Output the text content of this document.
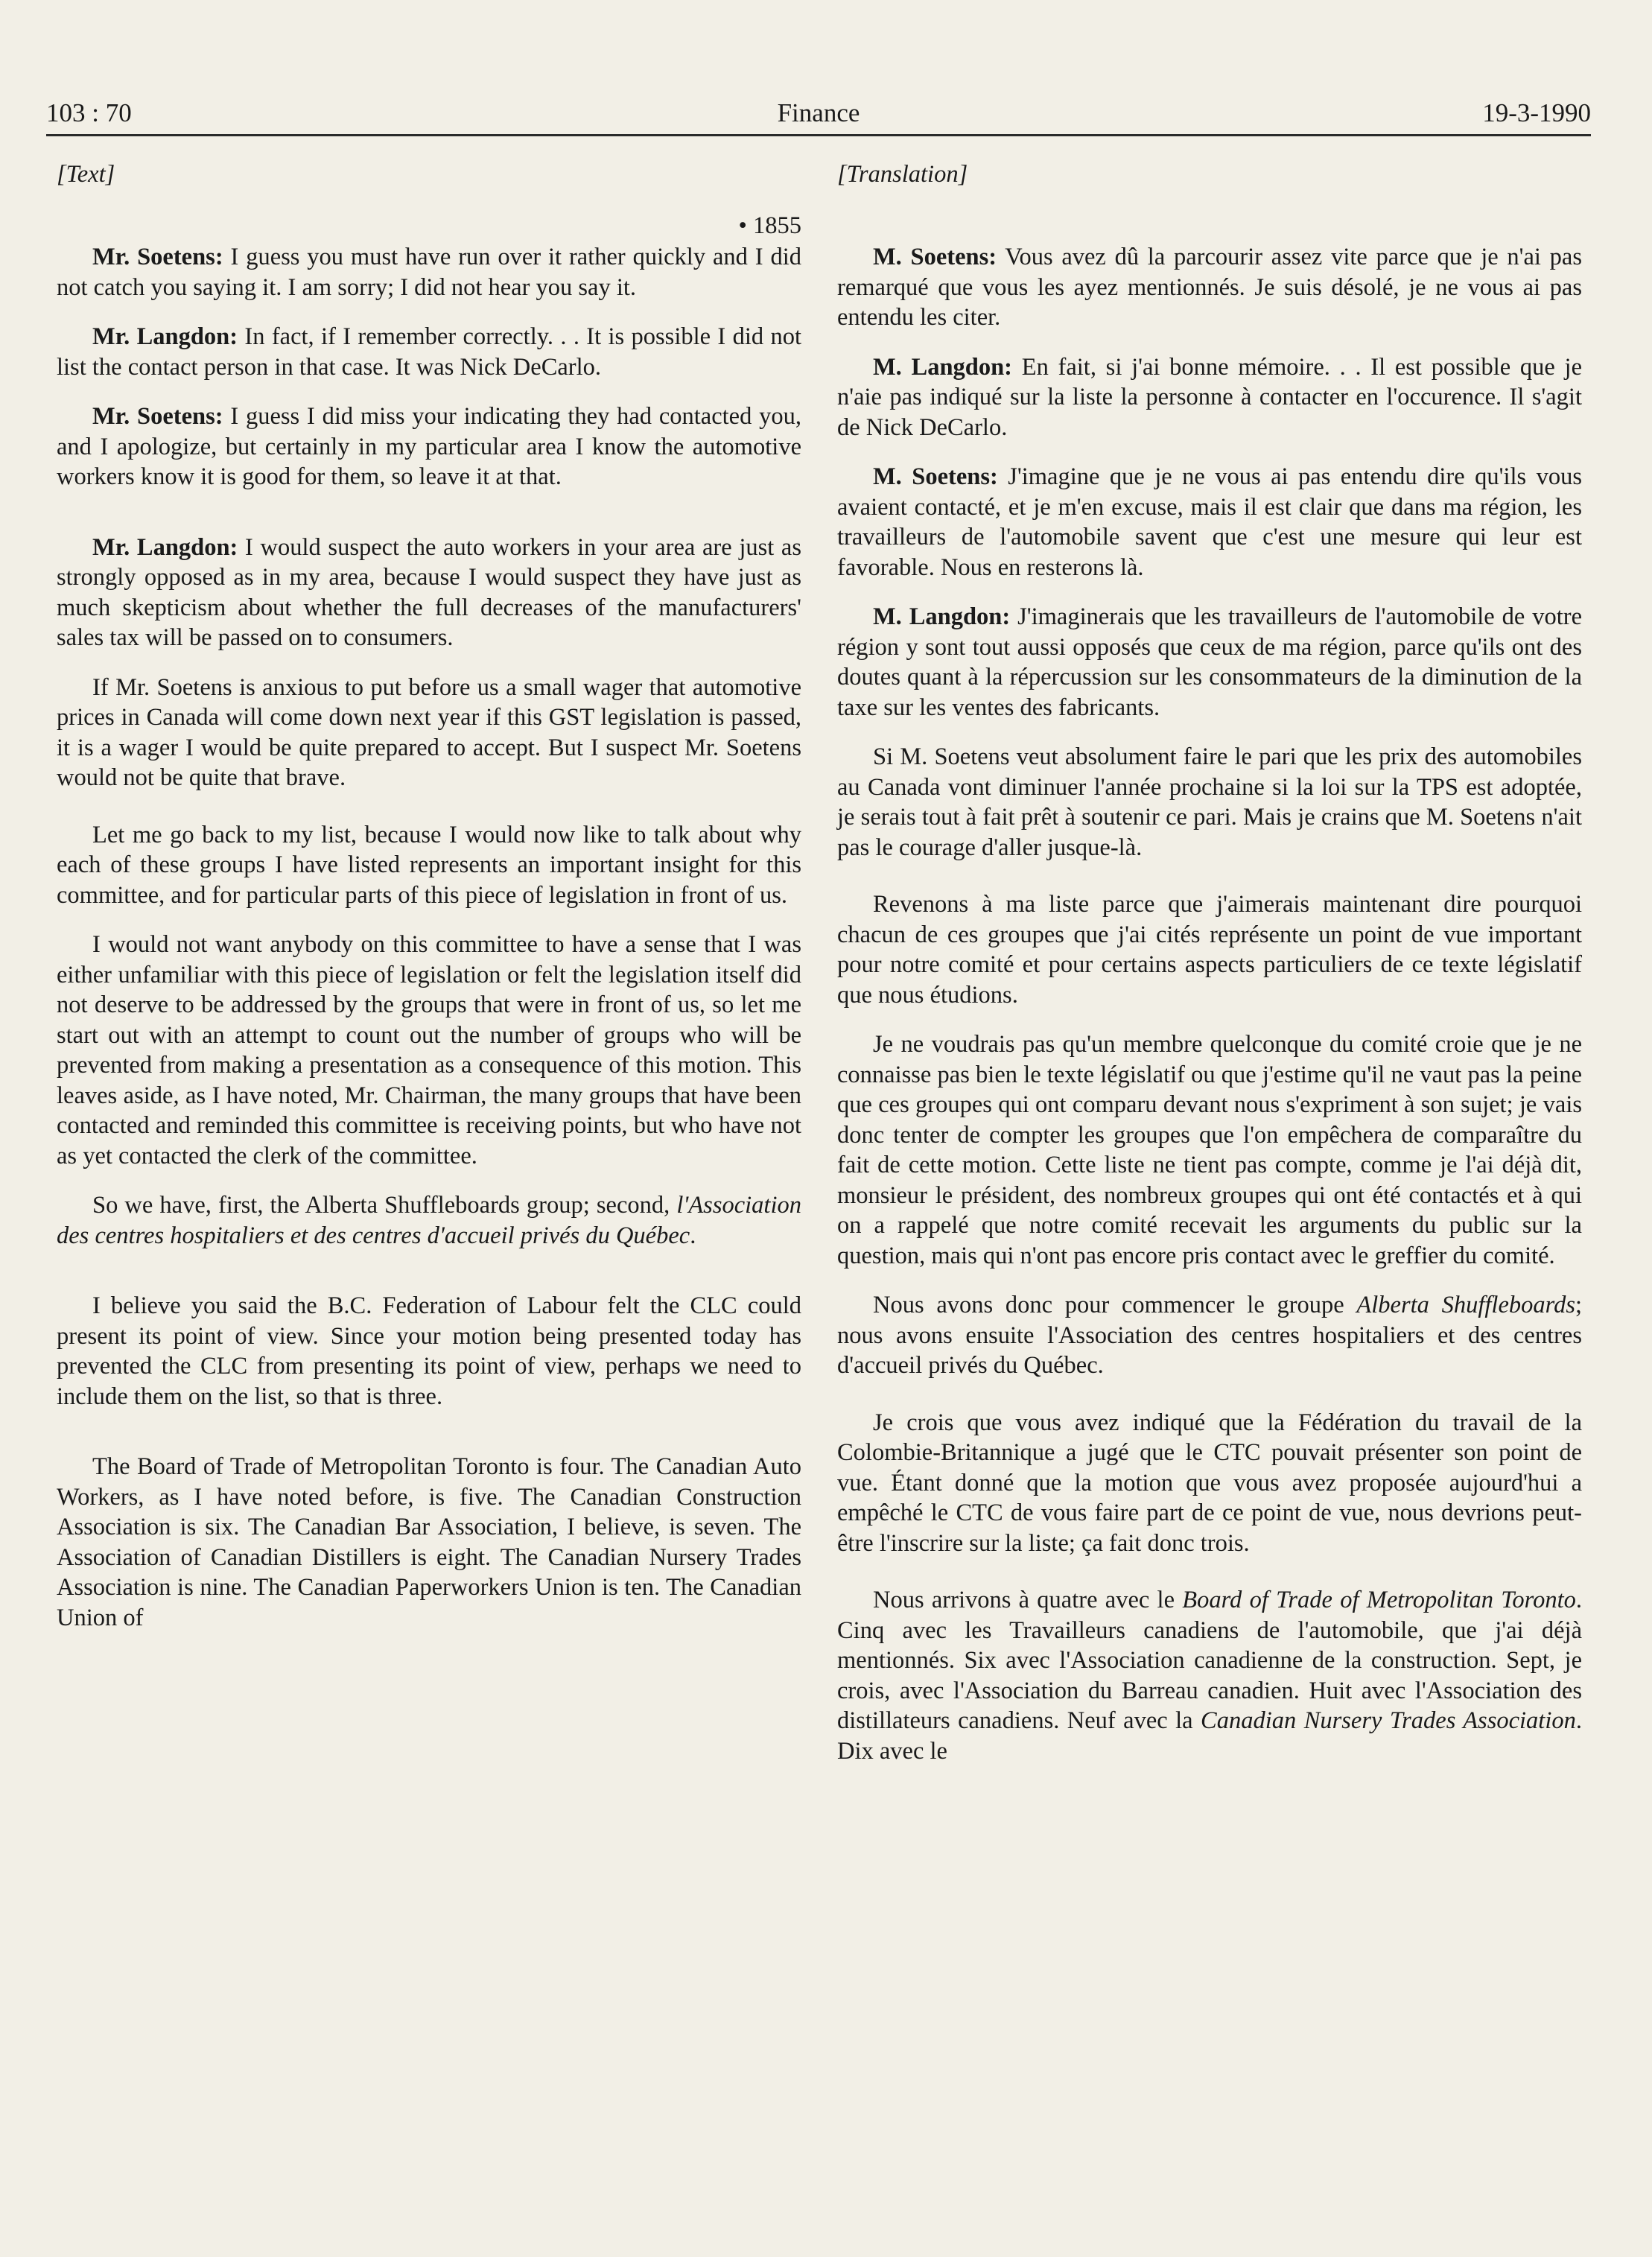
103 : 70	Finance	19-3-1990
[Text]
• 1855

Mr. Soetens: I guess you must have run over it rather quickly and I did not catch you saying it. I am sorry; I did not hear you say it.

Mr. Langdon: In fact, if I remember correctly. . . It is possible I did not list the contact person in that case. It was Nick DeCarlo.

Mr. Soetens: I guess I did miss your indicating they had contacted you, and I apologize, but certainly in my particular area I know the automotive workers know it is good for them, so leave it at that.

Mr. Langdon: I would suspect the auto workers in your area are just as strongly opposed as in my area, because I would suspect they have just as much skepticism about whether the full decreases of the manufacturers' sales tax will be passed on to consumers.

If Mr. Soetens is anxious to put before us a small wager that automotive prices in Canada will come down next year if this GST legislation is passed, it is a wager I would be quite prepared to accept. But I suspect Mr. Soetens would not be quite that brave.

Let me go back to my list, because I would now like to talk about why each of these groups I have listed represents an important insight for this committee, and for particular parts of this piece of legislation in front of us.

I would not want anybody on this committee to have a sense that I was either unfamiliar with this piece of legislation or felt the legislation itself did not deserve to be addressed by the groups that were in front of us, so let me start out with an attempt to count out the number of groups who will be prevented from making a presentation as a consequence of this motion. This leaves aside, as I have noted, Mr. Chairman, the many groups that have been contacted and reminded this committee is receiving points, but who have not as yet contacted the clerk of the committee.

So we have, first, the Alberta Shuffleboards group; second, l'Association des centres hospitaliers et des centres d'accueil privés du Québec.

I believe you said the B.C. Federation of Labour felt the CLC could present its point of view. Since your motion being presented today has prevented the CLC from presenting its point of view, perhaps we need to include them on the list, so that is three.

The Board of Trade of Metropolitan Toronto is four. The Canadian Auto Workers, as I have noted before, is five. The Canadian Construction Association is six. The Canadian Bar Association, I believe, is seven. The Association of Canadian Distillers is eight. The Canadian Nursery Trades Association is nine. The Canadian Paperworkers Union is ten. The Canadian Union of

[Translation]

M. Soetens: Vous avez dû la parcourir assez vite parce que je n'ai pas remarqué que vous les ayez mentionnés. Je suis désolé, je ne vous ai pas entendu les citer.

M. Langdon: En fait, si j'ai bonne mémoire. . . Il est possible que je n'aie pas indiqué sur la liste la personne à contacter en l'occurence. Il s'agit de Nick DeCarlo.

M. Soetens: J'imagine que je ne vous ai pas entendu dire qu'ils vous avaient contacté, et je m'en excuse, mais il est clair que dans ma région, les travailleurs de l'automobile savent que c'est une mesure qui leur est favorable. Nous en resterons là.

M. Langdon: J'imaginerais que les travailleurs de l'automobile de votre région y sont tout aussi opposés que ceux de ma région, parce qu'ils ont des doutes quant à la répercussion sur les consommateurs de la diminution de la taxe sur les ventes des fabricants.

Si M. Soetens veut absolument faire le pari que les prix des automobiles au Canada vont diminuer l'année prochaine si la loi sur la TPS est adoptée, je serais tout à fait prêt à soutenir ce pari. Mais je crains que M. Soetens n'ait pas le courage d'aller jusque-là.

Revenons à ma liste parce que j'aimerais maintenant dire pourquoi chacun de ces groupes que j'ai cités représente un point de vue important pour notre comité et pour certains aspects particuliers de ce texte législatif que nous étudions.

Je ne voudrais pas qu'un membre quelconque du comité croie que je ne connaisse pas bien le texte législatif ou que j'estime qu'il ne vaut pas la peine que ces groupes qui ont comparu devant nous s'expriment à son sujet; je vais donc tenter de compter les groupes que l'on empêchera de comparaître du fait de cette motion. Cette liste ne tient pas compte, comme je l'ai déjà dit, monsieur le président, des nombreux groupes qui ont été contactés et à qui on a rappelé que notre comité recevait les arguments du public sur la question, mais qui n'ont pas encore pris contact avec le greffier du comité.

Nous avons donc pour commencer le groupe Alberta Shuffleboards; nous avons ensuite l'Association des centres hospitaliers et des centres d'accueil privés du Québec.

Je crois que vous avez indiqué que la Fédération du travail de la Colombie-Britannique a jugé que le CTC pouvait présenter son point de vue. Étant donné que la motion que vous avez proposée aujourd'hui a empêché le CTC de vous faire part de ce point de vue, nous devrions peut-être l'inscrire sur la liste; ça fait donc trois.

Nous arrivons à quatre avec le Board of Trade of Metropolitan Toronto. Cinq avec les Travailleurs canadiens de l'automobile, que j'ai déjà mentionnés. Six avec l'Association canadienne de la construction. Sept, je crois, avec l'Association du Barreau canadien. Huit avec l'Association des distillateurs canadiens. Neuf avec la Canadian Nursery Trades Association. Dix avec le
